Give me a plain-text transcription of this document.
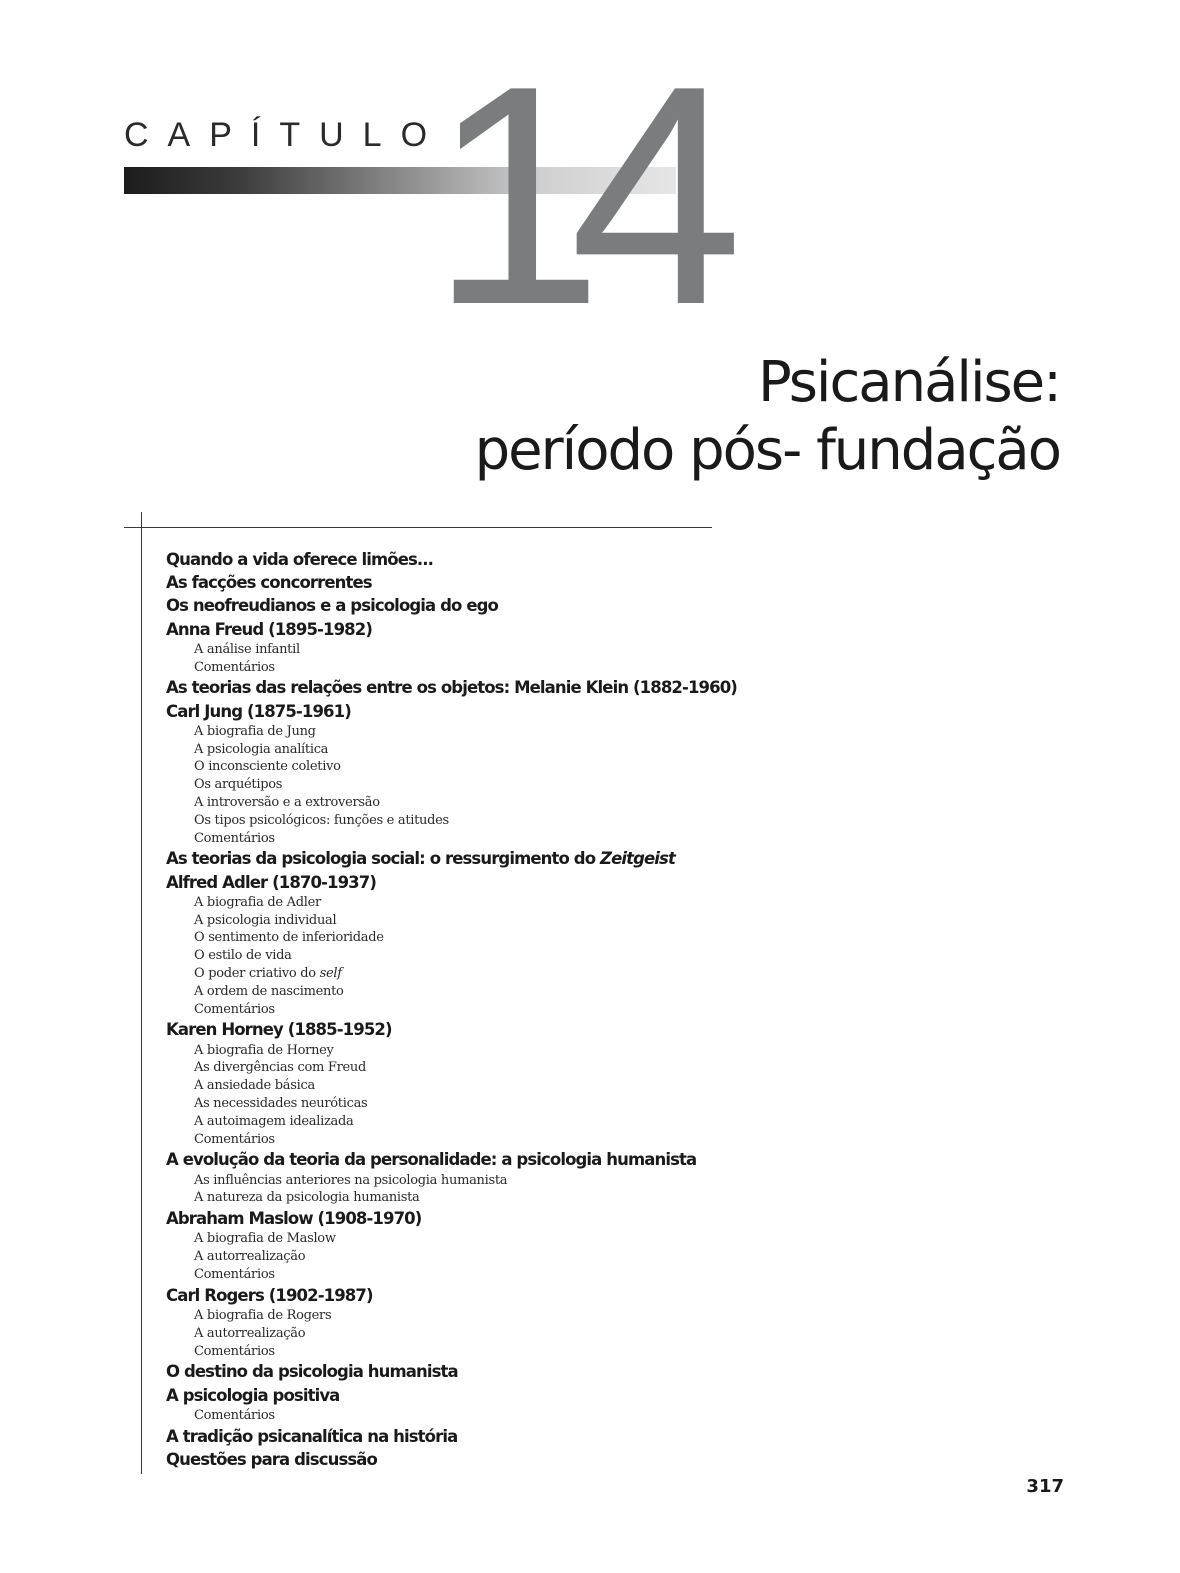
CAPÍTULO
14
Psicanálise:
período pós- fundação
Quando a vida oferece limões...
As facções concorrentes
Os neofreudianos e a psicologia do ego
Anna Freud (1895-1982)
A análise infantil
Comentários
As teorias das relações entre os objetos: Melanie Klein (1882-1960)
Carl Jung (1875-1961)
A biografia de Jung
A psicologia analítica
O inconsciente coletivo
Os arquétipos
A introversão e a extroversão
Os tipos psicológicos: funções e atitudes
Comentários
As teorias da psicologia social: o ressurgimento do Zeitgeist
Alfred Adler (1870-1937)
A biografia de Adler
A psicologia individual
O sentimento de inferioridade
O estilo de vida
O poder criativo do self
A ordem de nascimento
Comentários
Karen Horney (1885-1952)
A biografia de Horney
As divergências com Freud
A ansiedade básica
As necessidades neuróticas
A autoimagem idealizada
Comentários
A evolução da teoria da personalidade: a psicologia humanista
As influências anteriores na psicologia humanista
A natureza da psicologia humanista
Abraham Maslow (1908-1970)
A biografia de Maslow
A autorrealização
Comentários
Carl Rogers (1902-1987)
A biografia de Rogers
A autorrealização
Comentários
O destino da psicologia humanista
A psicologia positiva
Comentários
A tradição psicanalítica na história
Questões para discussão
317
